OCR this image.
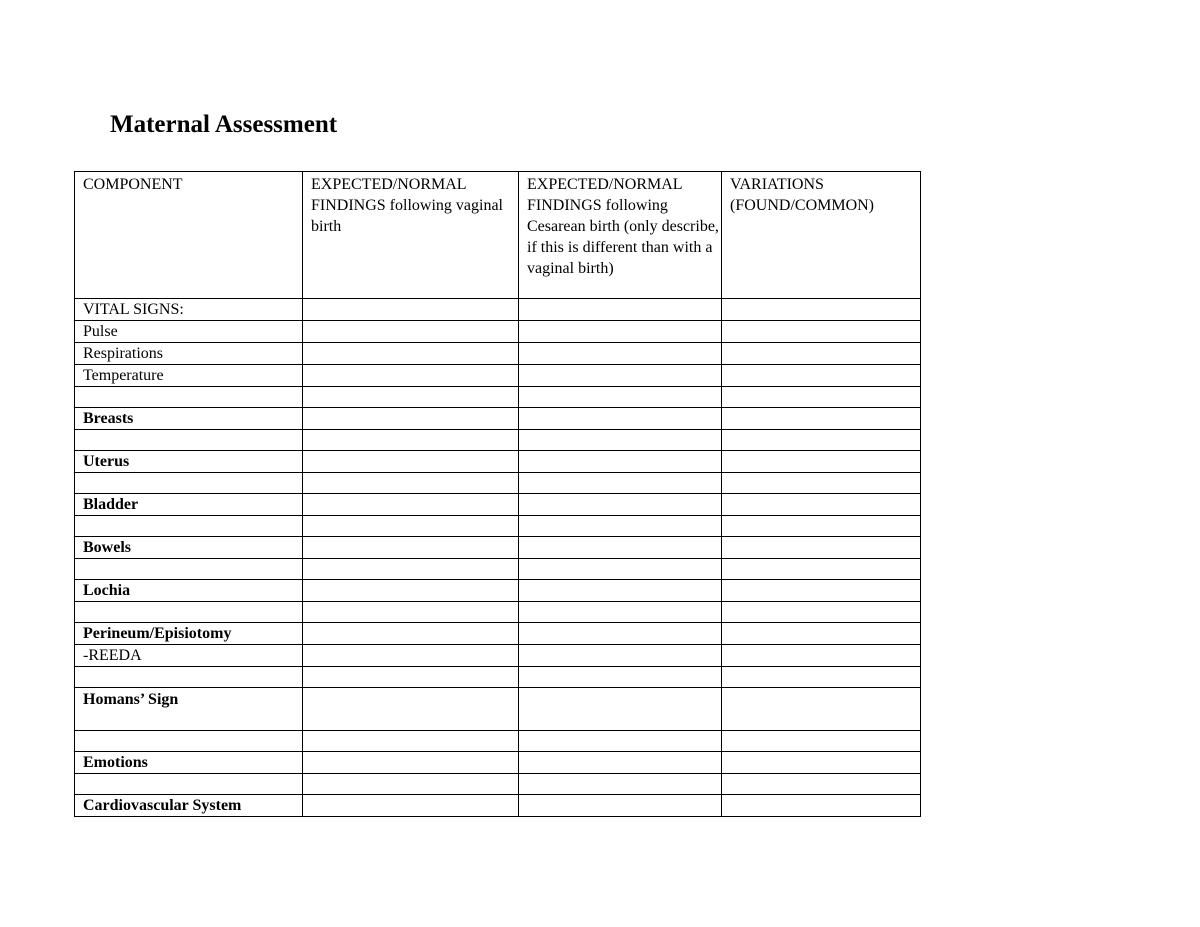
Maternal Assessment
COMPONENT	EXPECTED/NORMAL FINDINGS following vaginal birth	EXPECTED/NORMAL FINDINGS following Cesarean birth (only describe, if this is different than with a vaginal birth)	VARIATIONS (FOUND/COMMON)
VITAL SIGNS:			
Pulse			
Respirations			
Temperature			

Breasts			

Uterus			

Bladder			

Bowels			

Lochia			

Perineum/Episiotomy			
-REEDA			

Homans’ Sign			

Emotions			

Cardiovascular System			
